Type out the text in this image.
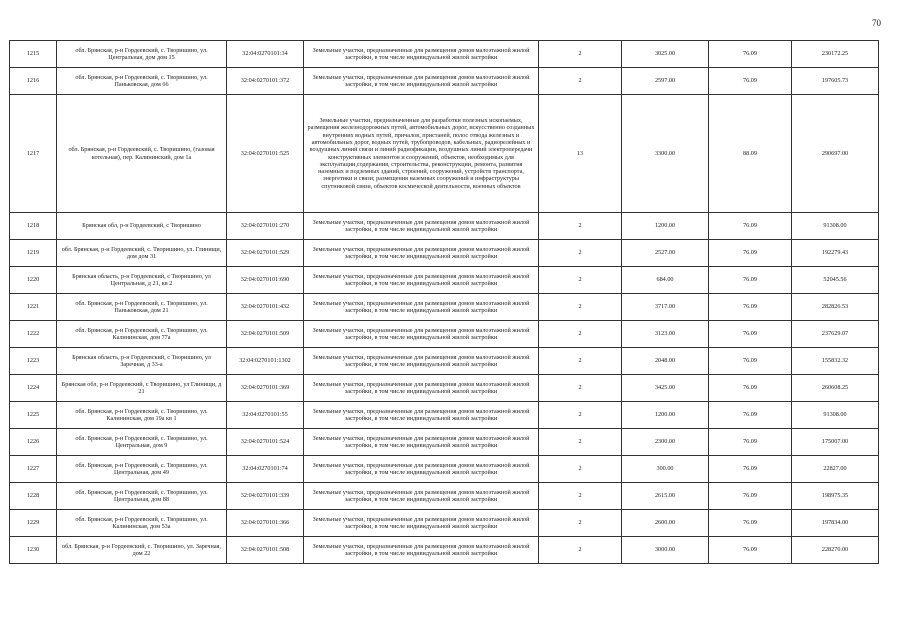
70
1215	обл. Брянская, р-н Гордеевский, с. Творишино, ул. Центральная, дом дом 15	32:04:0270101:34	Земельные участки, предназначенные для размещения домов малоэтажной жилой застройки, в том числе индивидуальной жилой застройки	2	3025.00	76.09	230172.25
1216	обл. Брянская, р-н Гордеевский, с. Творишино, ул. Паньковская, дом 66	32:04:0270101:372	Земельные участки, предназначенные для размещения домов малоэтажной жилой застройки, в том числе индивидуальной жилой застройки	2	2597.00	76.09	197605.73
1217	обл. Брянская, р-н Гордеевский, с. Творишино, (газовая котельная), пер. Калининский, дом 1а	32:04:0270101:525	Земельные участки, предназначенные для разработки полезных ископаемых, размещения железнодорожных путей, автомобильных дорог, искусственно созданных внутренних водных путей, причалов, пристаней, полос отвода железных и автомобильных дорог, водных путей, трубопроводов, кабельных, радиорелейных и воздушных линий связи и линий радиофикации, воздушных линий электропередачи конструктивных элементов и сооружений, объектов, необходимых для эксплуатации,содержания, строительства, реконструкции, ремонта, развития наземных и подземных зданий, строений, сооружений, устройств транспорта, энергетики и связи; размещения наземных сооружений и инфраструктуры спутниковой связи, объектов космической деятельности, военных объектов	13	3300.00	88.09	290697.00
1218	Брянская обл, р-н Гордеевский, с Творишино	32:04:0270101:270	Земельные участки, предназначенные для размещения домов малоэтажной жилой застройки, в том числе индивидуальной жилой застройки	2	1200.00	76.09	91308.00
1219	обл. Брянская, р-н Гордеевский, с. Творишино, ул. Глинищи, дом дом 31	32:04:0270101:529	Земельные участки, предназначенные для размещения домов малоэтажной жилой застройки, в том числе индивидуальной жилой застройки	2	2527.00	76.09	192279.43
1220	Брянская область, р-н Гордеевский, с Творишино, ул Центральная, д 21, кв 2	32:04:0270101:690	Земельные участки, предназначенные для размещения домов малоэтажной жилой застройки, в том числе индивидуальной жилой застройки	2	684.00	76.09	52045.56
1221	обл. Брянская, р-н Гордеевский, с. Творишино, ул. Паньковская, дом 21	32:04:0270101:432	Земельные участки, предназначенные для размещения домов малоэтажной жилой застройки, в том числе индивидуальной жилой застройки	2	3717.00	76.09	282826.53
1222	обл. Брянская, р-н Гордеевский, с. Творишино, ул. Калининская, дом 77а	32:04:0270101:509	Земельные участки, предназначенные для размещения домов малоэтажной жилой застройки, в том числе индивидуальной жилой застройки	2	3123.00	76.09	237629.07
1223	Брянская область, р-н Гордеевский, с Творишино, ул Заречная, д 33-а	32:04:0270101:1302	Земельные участки, предназначенные для размещения домов малоэтажной жилой застройки, в том числе индивидуальной жилой застройки	2	2048.00	76.09	155832.32
1224	Брянская обл, р-н Гордеевский, с Творишино, ул Глинищи, д 21	32:04:0270101:369	Земельные участки, предназначенные для размещения домов малоэтажной жилой застройки, в том числе индивидуальной жилой застройки	2	3425.00	76.09	260608.25
1225	обл. Брянская, р-н Гордеевский, с. Творишино, ул. Калининская, дом 19а кв 1	32:04:0270101:55	Земельные участки, предназначенные для размещения домов малоэтажной жилой застройки, в том числе индивидуальной жилой застройки	2	1200.00	76.09	91308.00
1226	обл. Брянская, р-н Гордеевский, с. Творишино, ул. Центральная, дом 9	32:04:0270101:524	Земельные участки, предназначенные для размещения домов малоэтажной жилой застройки, в том числе индивидуальной жилой застройки	2	2300.00	76.09	175007.00
1227	обл. Брянская, р-н Гордеевский, с. Творишино, ул. Центральная, дом 49	32:04:0270101:74	Земельные участки, предназначенные для размещения домов малоэтажной жилой застройки, в том числе индивидуальной жилой застройки	2	300.00	76.09	22827.00
1228	обл. Брянская, р-н Гордеевский, с. Творишино, ул. Центральная, дом 88	32:04:0270101:339	Земельные участки, предназначенные для размещения домов малоэтажной жилой застройки, в том числе индивидуальной жилой застройки	2	2615.00	76.09	198975.35
1229	обл. Брянская, р-н Гордеевский, с. Творишино, ул. Калининская, дом 53а	32:04:0270101:366	Земельные участки, предназначенные для размещения домов малоэтажной жилой застройки, в том числе индивидуальной жилой застройки	2	2600.00	76.09	197834.00
1230	обл. Брянская, р-н Гордеевский, с. Творишино, ул. Заречная, дом 22	32:04:0270101:508	Земельные участки, предназначенные для размещения домов малоэтажной жилой застройки, в том числе индивидуальной жилой застройки	2	3000.00	76.09	228270.00
